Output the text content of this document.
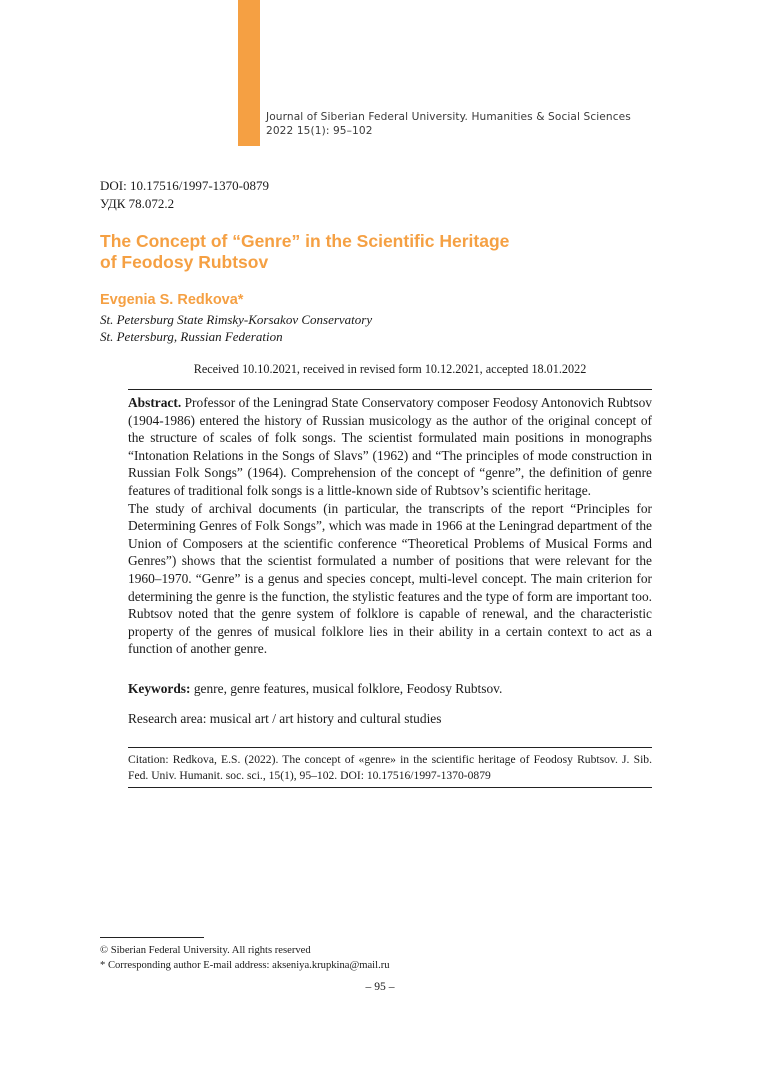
Journal of Siberian Federal University. Humanities & Social Sciences
2022 15(1): 95–102
DOI: 10.17516/1997-1370-0879
УДК 78.072.2
The Concept of “Genre” in the Scientific Heritage
of Feodosy Rubtsov
Evgenia S. Redkova*
St. Petersburg State Rimsky-Korsakov Conservatory
St. Petersburg, Russian Federation
Received 10.10.2021, received in revised form 10.12.2021, accepted 18.01.2022

Abstract. Professor of the Leningrad State Conservatory composer Feodosy Antonovich Rubtsov (1904-1986) entered the history of Russian musicology as the author of the original concept of the structure of scales of folk songs. The scientist formulated main positions in monographs “Intonation Relations in the Songs of Slavs” (1962) and “The principles of mode construction in Russian Folk Songs” (1964). Comprehension of the concept of “genre”, the definition of genre features of traditional folk songs is a little-known side of Rubtsov’s scientific heritage.

The study of archival documents (in particular, the transcripts of the report “Principles for Determining Genres of Folk Songs”, which was made in 1966 at the Leningrad department of the Union of Composers at the scientific conference “Theoretical Problems of Musical Forms and Genres”) shows that the scientist formulated a number of positions that were relevant for the 1960–1970. “Genre” is a genus and species concept, multi-level concept. The main criterion for determining the genre is the function, the stylistic features and the type of form are important too. Rubtsov noted that the genre system of folklore is capable of renewal, and the characteristic property of the genres of musical folklore lies in their ability in a certain context to act as a function of another genre.

Keywords: genre, genre features, musical folklore, Feodosy Rubtsov.
Research area: musical art / art history and cultural studies
Citation: Redkova, E.S. (2022). The concept of «genre» in the scientific heritage of Feodosy Rubtsov. J. Sib. Fed. Univ. Humanit. soc. sci., 15(1), 95–102. DOI: 10.17516/1997-1370-0879
© Siberian Federal University. All rights reserved
* Corresponding author E-mail address: akseniya.krupkina@mail.ru
– 95 –
